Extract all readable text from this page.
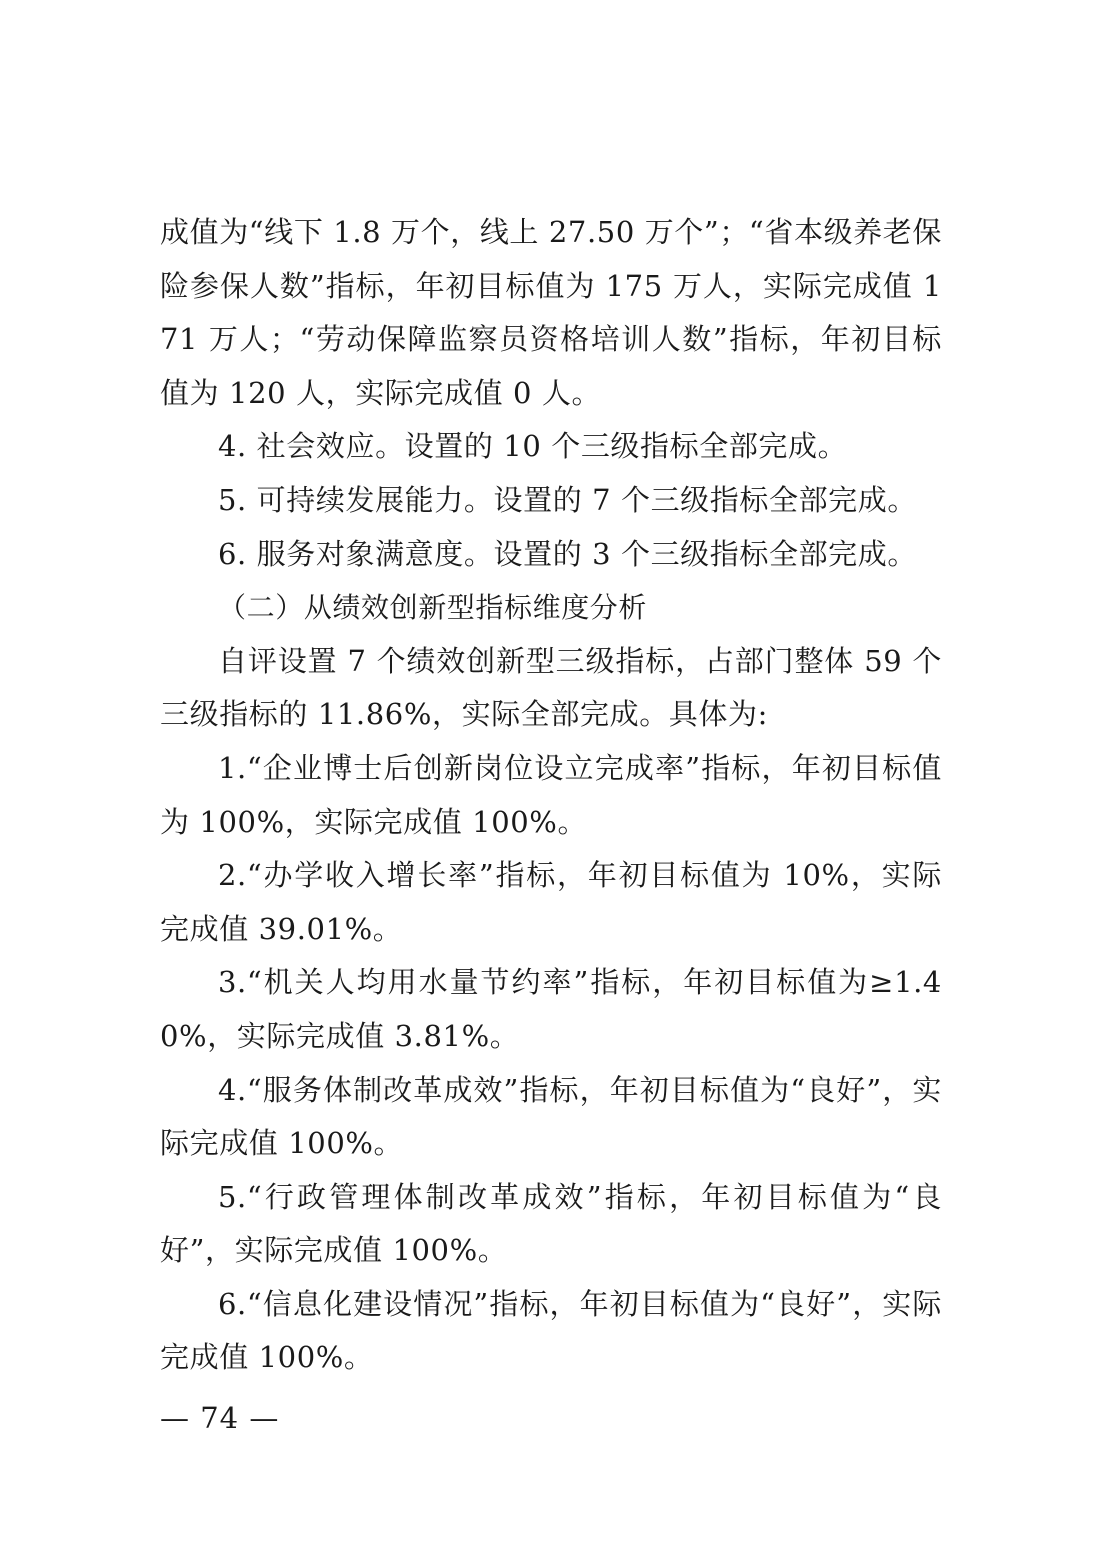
成值为“线下 1.8 万个，线上 27.50 万个”；“省本级养老保险参保人数”指标，年初目标值为 175 万人，实际完成值 171 万人；“劳动保障监察员资格培训人数”指标，年初目标值为 120 人，实际完成值 0 人。

4. 社会效应。设置的 10 个三级指标全部完成。

5. 可持续发展能力。设置的 7 个三级指标全部完成。

6. 服务对象满意度。设置的 3 个三级指标全部完成。

（二）从绩效创新型指标维度分析

自评设置 7 个绩效创新型三级指标，占部门整体 59 个三级指标的 11.86%，实际全部完成。具体为:

1.“企业博士后创新岗位设立完成率”指标，年初目标值为 100%，实际完成值 100%。

2.“办学收入增长率”指标，年初目标值为 10%，实际完成值 39.01%。

3.“机关人均用水量节约率”指标，年初目标值为≥1.40%，实际完成值 3.81%。

4.“服务体制改革成效”指标，年初目标值为“良好”，实际完成值 100%。

5.“行政管理体制改革成效”指标，年初目标值为“良好”，实际完成值 100%。

6.“信息化建设情况”指标，年初目标值为“良好”，实际完成值 100%。

— 74 —
